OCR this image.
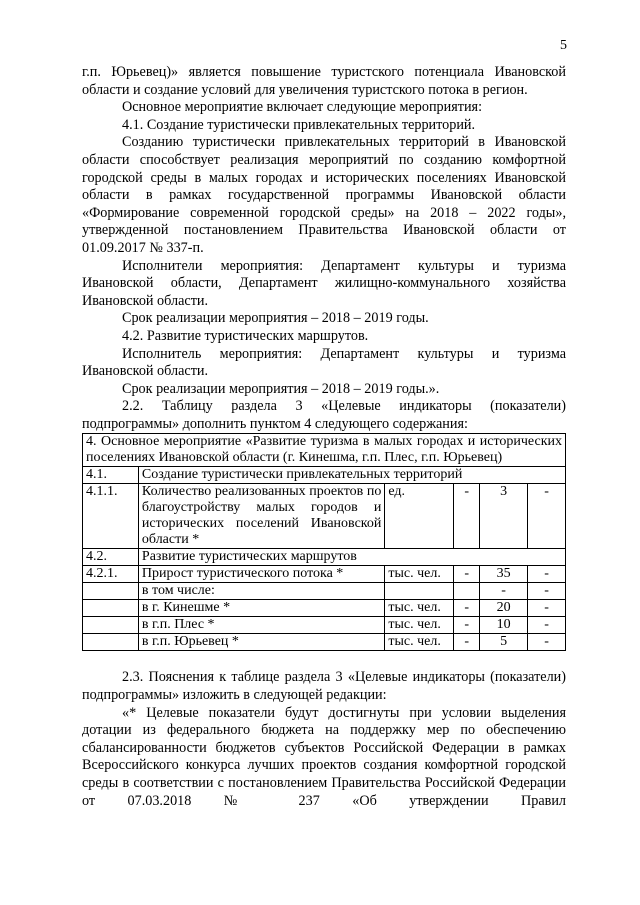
5

г.п. Юрьевец)» является повышение туристского потенциала Ивановской области и создание условий для увеличения туристского потока в регион.

Основное мероприятие включает следующие мероприятия:

4.1. Создание туристически привлекательных территорий.

Созданию туристически привлекательных территорий в Ивановской области способствует реализация мероприятий по созданию комфортной городской среды в малых городах и исторических поселениях Ивановской области в рамках государственной программы Ивановской области «Формирование современной городской среды» на 2018 – 2022 годы», утвержденной постановлением Правительства Ивановской области от 01.09.2017 № 337-п.

Исполнители мероприятия: Департамент культуры и туризма Ивановской области, Департамент жилищно-коммунального хозяйства Ивановской области.

Срок реализации мероприятия – 2018 – 2019 годы.

4.2. Развитие туристических маршрутов.

Исполнитель мероприятия: Департамент культуры и туризма Ивановской области.

Срок реализации мероприятия – 2018 – 2019 годы.».

2.2. Таблицу раздела 3 «Целевые индикаторы (показатели) подпрограммы» дополнить пунктом 4 следующего содержания:

4. Основное мероприятие «Развитие туризма в малых городах и исторических поселениях Ивановской области (г. Кинешма, г.п. Плес, г.п. Юрьевец)					
4.1.	Создание туристически привлекательных территорий				
4.1.1.	Количество реализованных проектов по благоустройству малых городов и исторических поселений Ивановской области *	ед.	-	3	-
4.2.	Развитие туристических маршрутов				
4.2.1.	Прирост туристического потока *	тыс. чел.	-	35	-
	в том числе:			-	-
	в г. Кинешме *	тыс. чел.	-	20	-
	в г.п. Плес *	тыс. чел.	-	10	-
	в г.п. Юрьевец *	тыс. чел.	-	5	-

2.3. Пояснения к таблице раздела 3 «Целевые индикаторы (показатели) подпрограммы» изложить в следующей редакции:

«* Целевые показатели будут достигнуты при условии выделения дотации из федерального бюджета на поддержку мер по обеспечению сбалансированности бюджетов субъектов Российской Федерации в рамках Всероссийского конкурса лучших проектов создания комфортной городской среды в соответствии с постановлением Правительства Российской Федерации от 07.03.2018 № 237 «Об утверждении Правил
